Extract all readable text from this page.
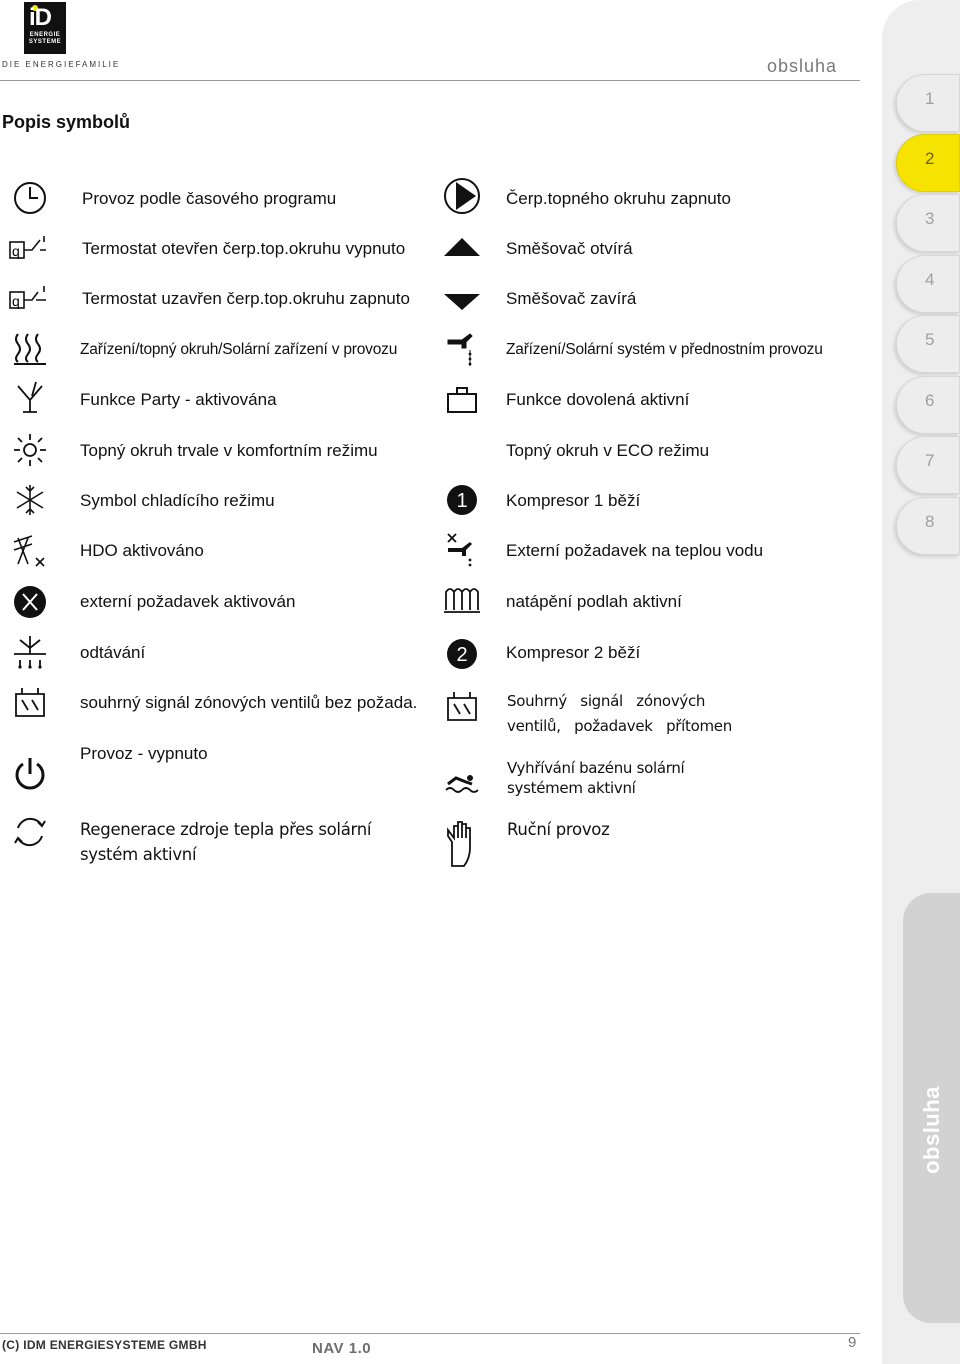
iD
ENERGIE SYSTEME
DIE ENERGIEFAMILIE	obsluha
Popis symbolů
1
2
3
4
5
6
7
8
obsluha
q
q
Provoz podle časového programu
Termostat otevřen čerp.top.okruhu vypnuto
Termostat uzavřen čerp.top.okruhu zapnuto
Zařízení/topný okruh/Solární zařízení v provozu
Funkce Party - aktivována
Topný okruh trvale v komfortním režimu
Symbol chladícího režimu
HDO aktivováno
externí požadavek aktivován
odtávání
souhrný signál zónových ventilů bez požada.
Provoz - vypnuto
Regenerace zdroje tepla přes solární systém aktivní
1
2
Čerp.topného okruhu zapnuto
Směšovač otvírá
Směšovač zavírá
Zařízení/Solární systém v přednostním provozu
Funkce dovolená aktivní
Topný okruh v ECO režimu
Kompresor 1 běží
Externí požadavek na teplou vodu
natápění podlah aktivní
Kompresor 2 běží
Souhrný   signál   zónových ventilů,   požadavek   přítomen
Vyhřívání bazénu solární systémem aktivní
Ruční provoz
(C) IDM ENERGIESYSTEME GMBH	NAV 1.0	9
